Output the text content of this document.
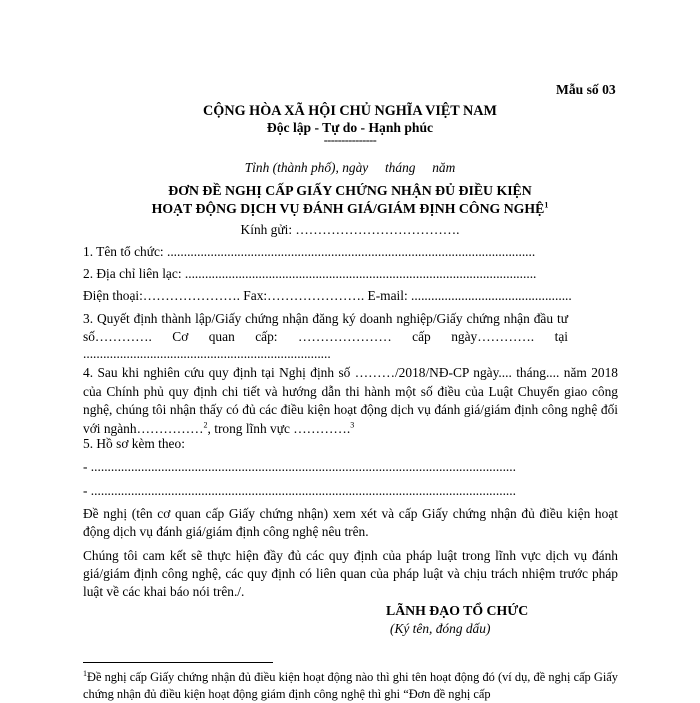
Mẫu số 03
CỘNG HÒA XÃ HỘI CHỦ NGHĨA VIỆT NAM
Độc lập - Tự do - Hạnh phúc
---------------
Tỉnh (thành phố), ngày     tháng     năm
ĐƠN ĐỀ NGHỊ CẤP GIẤY CHỨNG NHẬN ĐỦ ĐIỀU KIỆN
HOẠT ĐỘNG DỊCH VỤ ĐÁNH GIÁ/GIÁM ĐỊNH CÔNG NGHỆ$^1$
Kính gửi: ……………………………….
1. Tên tổ chức: ..............................................................................................................
2. Địa chỉ liên lạc: .........................................................................................................
Điện thoại:…………………. Fax:…………………. E-mail: ................................................
3. Quyết định thành lập/Giấy chứng nhận đăng ký doanh nghiệp/Giấy chứng nhận đầu tư số…………. Cơ quan cấp: ………………… cấp ngày…………. tại ..........................................................................
4. Sau khi nghiên cứu quy định tại Nghị định số ………/2018/NĐ-CP ngày.... tháng.... năm 2018 của Chính phủ quy định chi tiết và hướng dẫn thi hành một số điều của Luật Chuyển giao công nghệ, chúng tôi nhận thấy có đủ các điều kiện hoạt động dịch vụ đánh giá/giám định công nghệ đối với ngành……………$^2$, trong lĩnh vực ………….$^3$
5. Hồ sơ kèm theo:
- ...............................................................................................................................
- ...............................................................................................................................
Đề nghị (tên cơ quan cấp Giấy chứng nhận) xem xét và cấp Giấy chứng nhận đủ điều kiện hoạt động dịch vụ đánh giá/giám định công nghệ nêu trên.
Chúng tôi cam kết sẽ thực hiện đầy đủ các quy định của pháp luật trong lĩnh vực dịch vụ đánh giá/giám định công nghệ, các quy định có liên quan của pháp luật và chịu trách nhiệm trước pháp luật về các khai báo nói trên./.
LÃNH ĐẠO TỔ CHỨC
(Ký tên, đóng dấu)
$^1$Đề nghị cấp Giấy chứng nhận đủ điều kiện hoạt động nào thì ghi tên hoạt động đó (ví dụ, đề nghị cấp Giấy chứng nhận đủ điều kiện hoạt động giám định công nghệ thì ghi “Đơn đề nghị cấp
